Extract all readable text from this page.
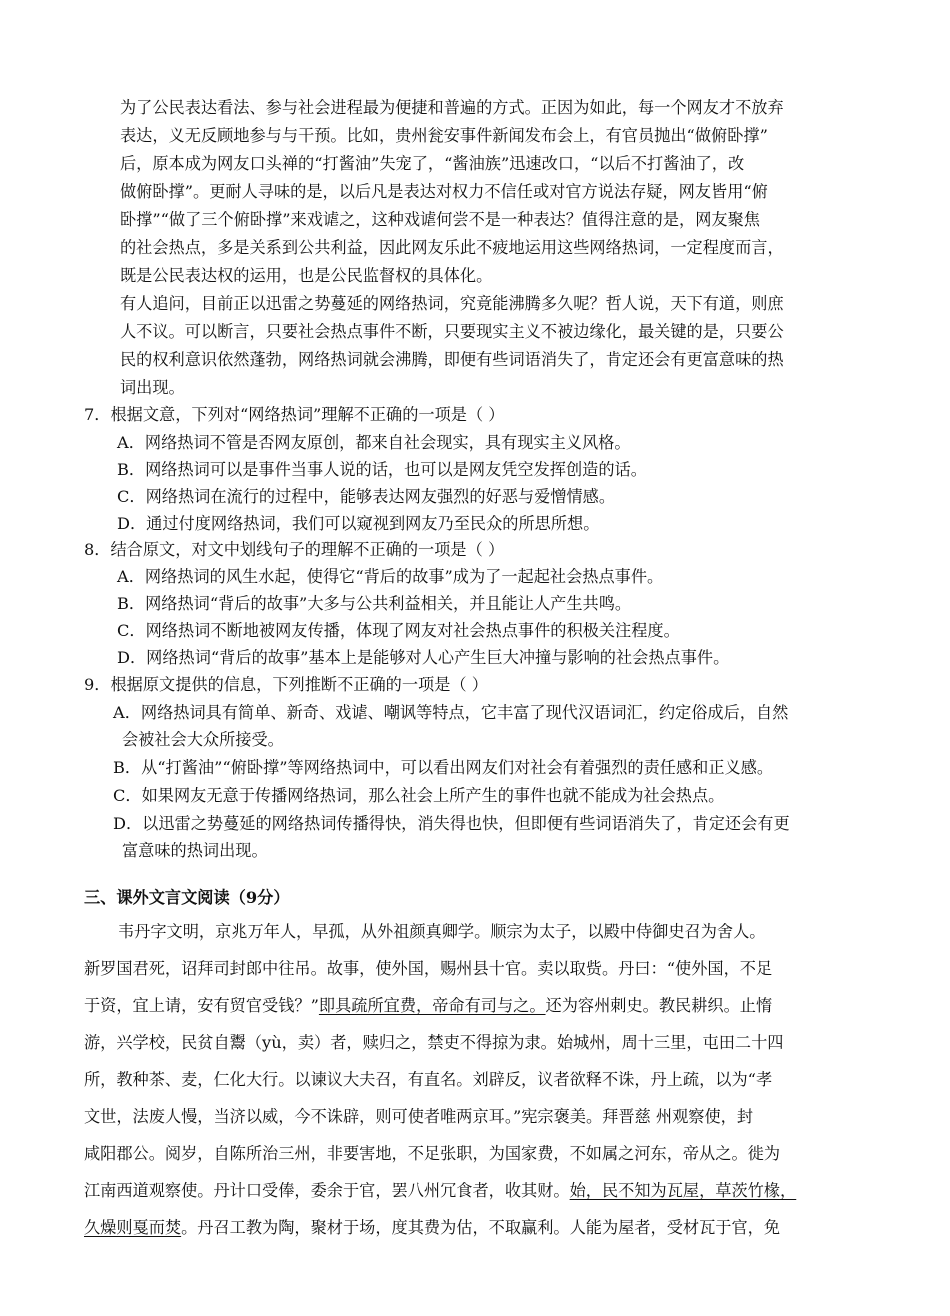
为了公民表达看法、参与社会进程最为便捷和普遍的方式。正因为如此，每一个网友才不放弃
表达，义无反顾地参与与干预。比如，贵州瓮安事件新闻发布会上，有官员抛出“做俯卧撑”
后，原本成为网友口头禅的“打酱油”失宠了，“酱油族”迅速改口，“以后不打酱油了，改
做俯卧撑”。更耐人寻味的是，以后凡是表达对权力不信任或对官方说法存疑，网友皆用“俯
卧撑”“做了三个俯卧撑”来戏谑之，这种戏谑何尝不是一种表达？值得注意的是，网友聚焦
的社会热点，多是关系到公共利益，因此网友乐此不疲地运用这些网络热词，一定程度而言，
既是公民表达权的运用，也是公民监督权的具体化。
有人追问，目前正以迅雷之势蔓延的网络热词，究竟能沸腾多久呢？哲人说，天下有道，则庶
人不议。可以断言，只要社会热点事件不断，只要现实主义不被边缘化，最关键的是，只要公
民的权利意识依然蓬勃，网络热词就会沸腾，即便有些词语消失了，肯定还会有更富意味的热
词出现。
7．根据文意，下列对“网络热词”理解不正确的一项是（ ）
A．网络热词不管是否网友原创，都来自社会现实，具有现实主义风格。
B．网络热词可以是事件当事人说的话，也可以是网友凭空发挥创造的话。
C．网络热词在流行的过程中，能够表达网友强烈的好恶与爱憎情感。
D．通过付度网络热词，我们可以窥视到网友乃至民众的所思所想。
8．结合原文，对文中划线句子的理解不正确的一项是（ ）
A．网络热词的风生水起，使得它“背后的故事”成为了一起起社会热点事件。
B．网络热词“背后的故事”大多与公共利益相关，并且能让人产生共鸣。
C．网络热词不断地被网友传播，体现了网友对社会热点事件的积极关注程度。
D．网络热词“背后的故事”基本上是能够对人心产生巨大冲撞与影响的社会热点事件。
9．根据原文提供的信息，下列推断不正确的一项是（ ）
A．网络热词具有简单、新奇、戏谑、嘲讽等特点，它丰富了现代汉语词汇，约定俗成后，自然
会被社会大众所接受。
B．从“打酱油”“俯卧撑”等网络热词中，可以看出网友们对社会有着强烈的责任感和正义感。
C．如果网友无意于传播网络热词，那么社会上所产生的事件也就不能成为社会热点。
D．以迅雷之势蔓延的网络热词传播得快，消失得也快，但即便有些词语消失了，肯定还会有更
富意味的热词出现。
三、课外文言文阅读（9分）
韦丹字文明，京兆万年人，早孤，从外祖颜真卿学。顺宗为太子，以殿中侍御史召为舍人。
新罗国君死，诏拜司封郎中往吊。故事，使外国，赐州县十官。卖以取赀。丹曰：“使外国，不足
于资，宜上请，安有贸官受钱？”即具疏所宜费，帝命有司与之。还为容州刺史。教民耕织。止惰
游，兴学校，民贫自鬻（yù，卖）者，赎归之，禁吏不得掠为隶。始城州，周十三里，屯田二十四
所，教种茶、麦，仁化大行。以谏议大夫召，有直名。刘辟反，议者欲释不诛，丹上疏，以为“孝
文世，法废人慢，当济以威，今不诛辟，则可使者唯两京耳。”宪宗褒美。拜晋慈 州观察使，封
咸阳郡公。阅岁，自陈所治三州，非要害地，不足张职，为国家费，不如属之河东，帝从之。徙为
江南西道观察使。丹计口受俸，委余于官，罢八州冗食者，收其财。始，民不知为瓦屋，草茨竹椽，
久燥则戛而焚。丹召工教为陶，聚材于场，度其费为估，不取赢利。人能为屋者，受材瓦于官，免
